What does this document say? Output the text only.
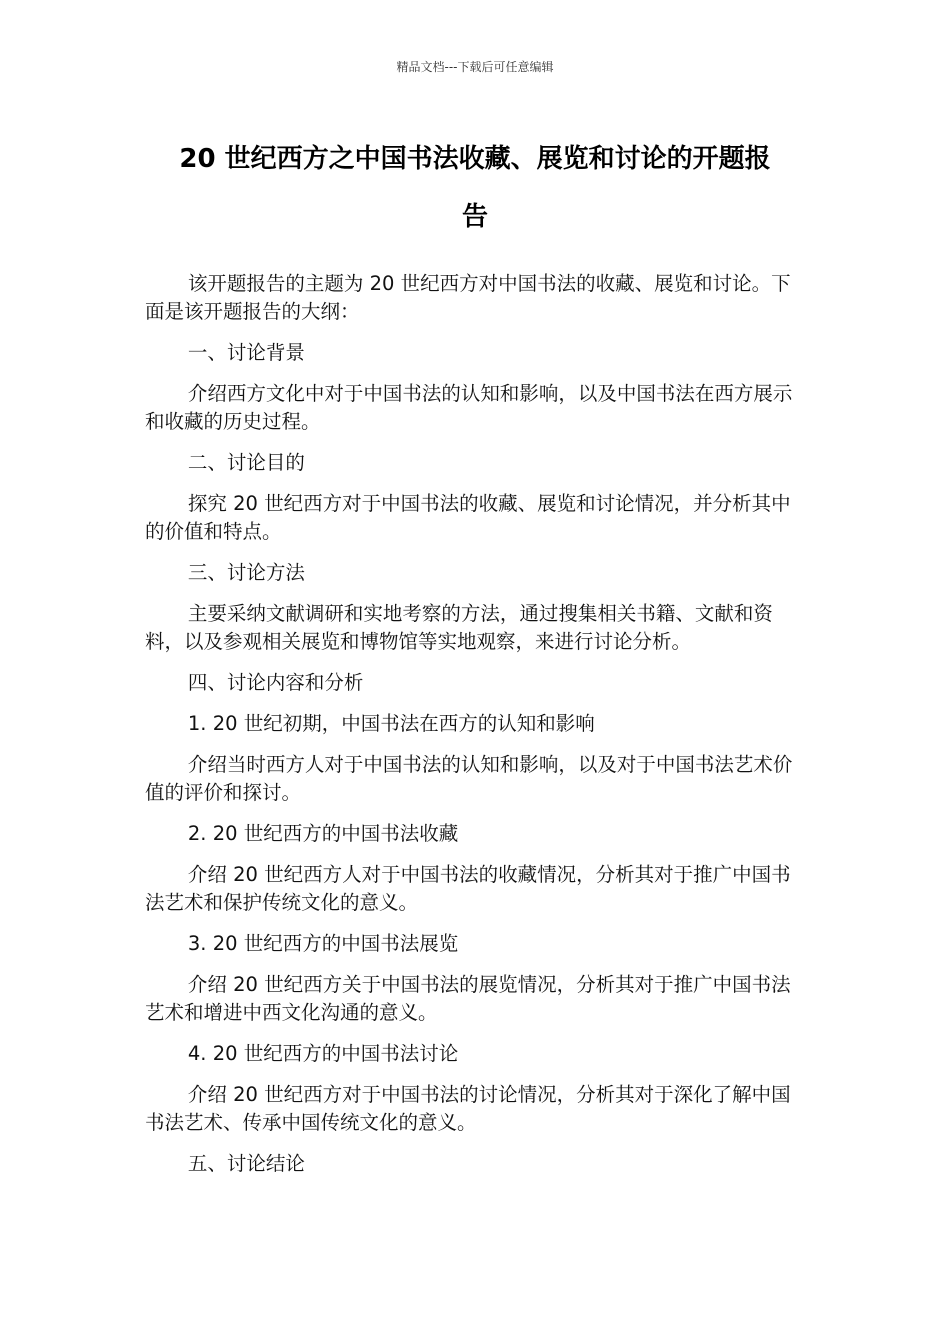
精品文档---下载后可任意编辑
20 世纪西方之中国书法收藏、展览和讨论的开题报
告

该开题报告的主题为 20 世纪西方对中国书法的收藏、展览和讨论。下面是该开题报告的大纲：

一、讨论背景

介绍西方文化中对于中国书法的认知和影响，以及中国书法在西方展示和收藏的历史过程。

二、讨论目的

探究 20 世纪西方对于中国书法的收藏、展览和讨论情况，并分析其中的价值和特点。

三、讨论方法

主要采纳文献调研和实地考察的方法，通过搜集相关书籍、文献和资料，以及参观相关展览和博物馆等实地观察，来进行讨论分析。

四、讨论内容和分析

1. 20 世纪初期，中国书法在西方的认知和影响

介绍当时西方人对于中国书法的认知和影响，以及对于中国书法艺术价值的评价和探讨。

2. 20 世纪西方的中国书法收藏

介绍 20 世纪西方人对于中国书法的收藏情况，分析其对于推广中国书法艺术和保护传统文化的意义。

3. 20 世纪西方的中国书法展览

介绍 20 世纪西方关于中国书法的展览情况，分析其对于推广中国书法艺术和增进中西文化沟通的意义。

4. 20 世纪西方的中国书法讨论

介绍 20 世纪西方对于中国书法的讨论情况，分析其对于深化了解中国书法艺术、传承中国传统文化的意义。

五、讨论结论
